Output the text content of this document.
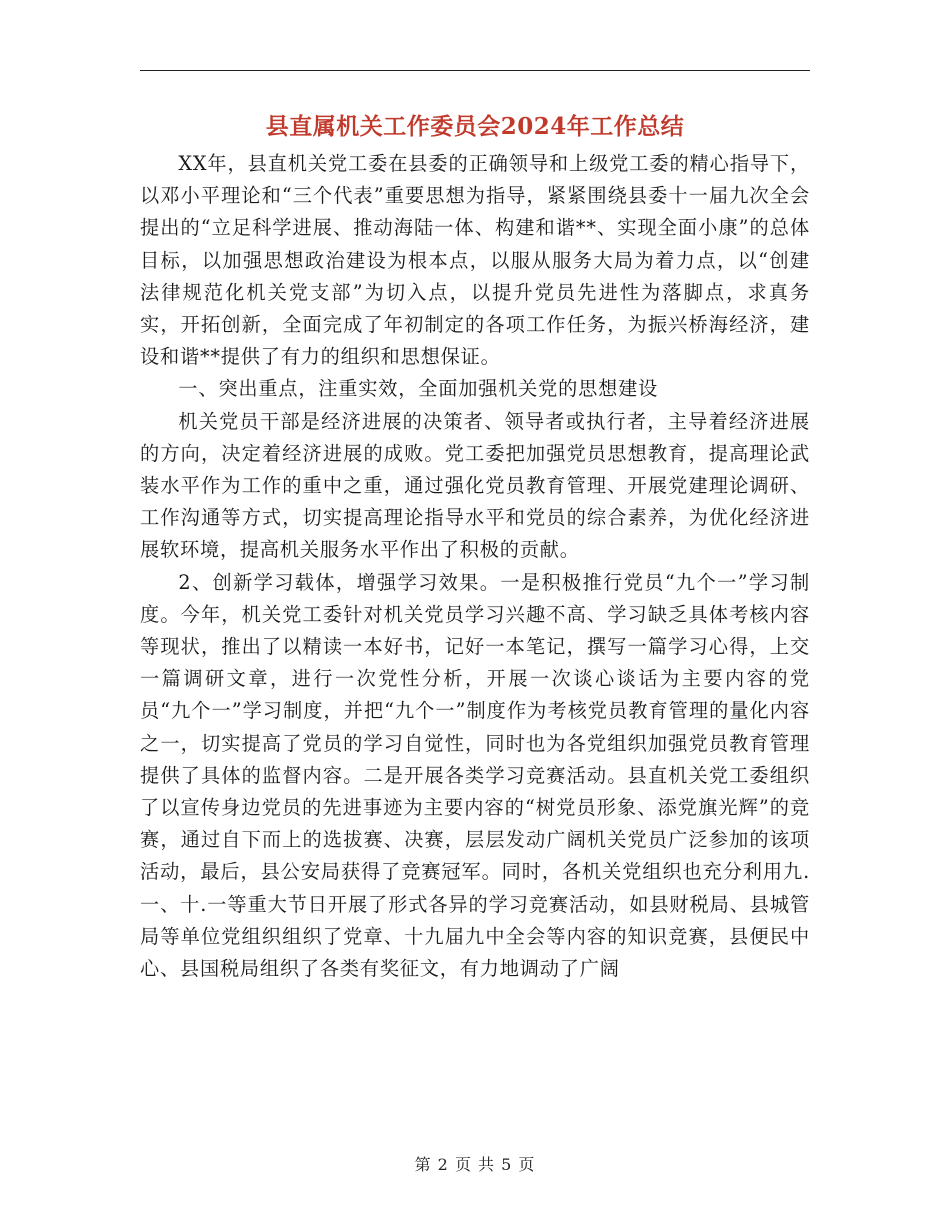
县直属机关工作委员会2024年工作总结

XX年，县直机关党工委在县委的正确领导和上级党工委的精心指导下，以邓小平理论和“三个代表”重要思想为指导，紧紧围绕县委十一届九次全会提出的“立足科学进展、推动海陆一体、构建和谐**、实现全面小康”的总体目标，以加强思想政治建设为根本点，以服从服务大局为着力点，以“创建法律规范化机关党支部”为切入点，以提升党员先进性为落脚点，求真务实，开拓创新，全面完成了年初制定的各项工作任务，为振兴桥海经济，建设和谐**提供了有力的组织和思想保证。

一、突出重点，注重实效，全面加强机关党的思想建设

机关党员干部是经济进展的决策者、领导者或执行者，主导着经济进展的方向，决定着经济进展的成败。党工委把加强党员思想教育，提高理论武装水平作为工作的重中之重，通过强化党员教育管理、开展党建理论调研、工作沟通等方式，切实提高理论指导水平和党员的综合素养，为优化经济进展软环境，提高机关服务水平作出了积极的贡献。

2、创新学习载体，增强学习效果。一是积极推行党员“九个一”学习制度。今年，机关党工委针对机关党员学习兴趣不高、学习缺乏具体考核内容等现状，推出了以精读一本好书，记好一本笔记，撰写一篇学习心得，上交一篇调研文章，进行一次党性分析，开展一次谈心谈话为主要内容的党员“九个一”学习制度，并把“九个一”制度作为考核党员教育管理的量化内容之一，切实提高了党员的学习自觉性，同时也为各党组织加强党员教育管理提供了具体的监督内容。二是开展各类学习竞赛活动。县直机关党工委组织了以宣传身边党员的先进事迹为主要内容的“树党员形象、添党旗光辉”的竞赛，通过自下而上的选拔赛、决赛，层层发动广阔机关党员广泛参加的该项活动，最后，县公安局获得了竞赛冠军。同时，各机关党组织也充分利用九.一、十.一等重大节日开展了形式各异的学习竞赛活动，如县财税局、县城管局等单位党组织组织了党章、十九届九中全会等内容的知识竞赛，县便民中心、县国税局组织了各类有奖征文，有力地调动了广阔

第 2 页 共 5 页
